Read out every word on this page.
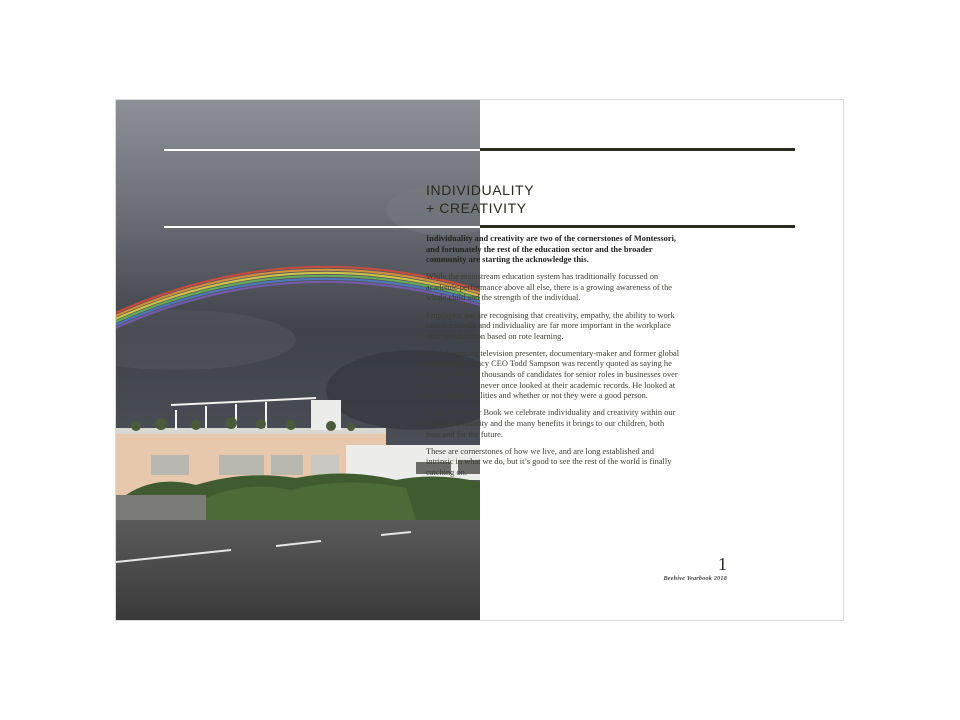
INDIVIDUALITY
+ CREATIVITY

Individuality and creativity are two of the cornerstones of Montessori, and fortunately the rest of the education sector and the broader community are starting the acknowledge this.

While the mainstream education system has traditionally focussed on academic performance above all else, there is a growing awareness of the whole child and the strength of the individual.

Employers too are recognising that creativity, empathy, the ability to work collaboratively and individuality are far more important in the workplace than an education based on rote learning.

Award-winning television presenter, documentary-maker and former global advertising agency CEO Todd Sampson was recently quoted as saying he had interviewed thousands of candidates for senior roles in businesses over many years and never once looked at their academic records. He looked at their human qualities and whether or not they were a good person.

In the 2018 Year Book we celebrate individuality and creativity within our school community and the many benefits it brings to our children, both now and for the future.

These are cornerstones of how we live, and are long established and intrinsic in what we do, but it’s good to see the rest of the world is finally catching on.

1
Beehive Yearbook 2018
